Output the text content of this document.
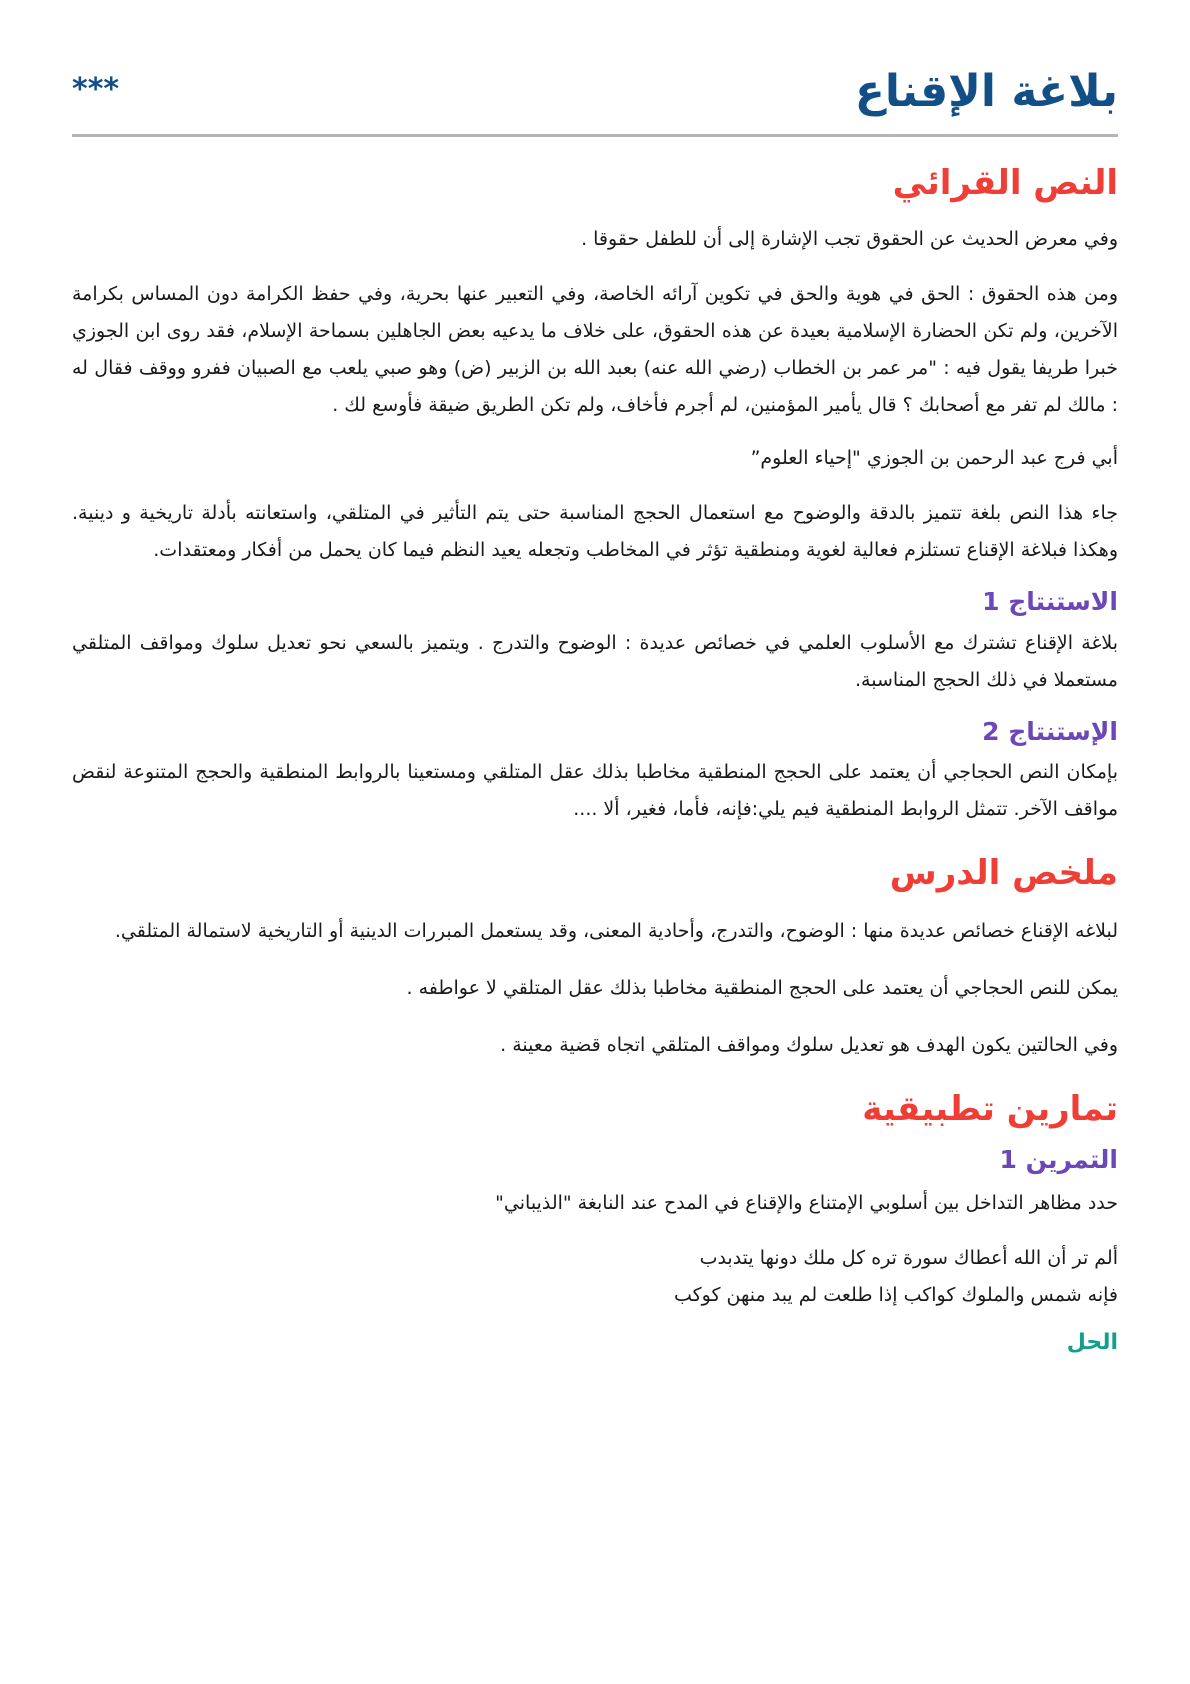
بلاغة الإقناع
***
النص القرائي

وفي معرض الحديث عن الحقوق تجب الإشارة إلى أن للطفل حقوقا .

ومن هذه الحقوق : الحق في هوية والحق في تكوين آرائه الخاصة، وفي التعبير عنها بحرية، وفي حفظ الكرامة دون المساس بكرامة الآخرين، ولم تكن الحضارة الإسلامية بعيدة عن هذه الحقوق، على خلاف ما يدعيه بعض الجاهلين بسماحة الإسلام، فقد روى ابن الجوزي خبرا طريفا يقول فيه : "مر عمر بن الخطاب (رضي الله عنه) بعبد الله بن الزبير (ض) وهو صبي يلعب مع الصبيان ففرو ووقف فقال له : مالك لم تفر مع أصحابك ؟ قال يأمير المؤمنين، لم أجرم فأخاف، ولم تكن الطريق ضيقة فأوسع لك .

أبي فرج عبد الرحمن بن الجوزي "إحياء العلوم”

جاء هذا النص بلغة تتميز بالدقة والوضوح مع استعمال الحجج المناسبة حتى يتم التأثير في المتلقي، واستعانته بأدلة تاريخية و دينية. وهكذا فبلاغة الإقناع تستلزم فعالية لغوية ومنطقية تؤثر في المخاطب وتجعله يعيد النظم فيما كان يحمل من أفكار ومعتقدات.

الاستنتاج 1

بلاغة الإقناع تشترك مع الأسلوب العلمي في خصائص عديدة : الوضوح والتدرج . ويتميز بالسعي نحو تعديل سلوك ومواقف المتلقي مستعملا في ذلك الحجج المناسبة.

الإستنتاج 2

بإمكان النص الحجاجي أن يعتمد على الحجج المنطقية مخاطبا بذلك عقل المتلقي ومستعينا بالروابط المنطقية والحجج المتنوعة لنقض مواقف الآخر. تتمثل الروابط المنطقية فيم يلي:فإنه، فأما، فغير، ألا ....

ملخص الدرس

لبلاغه الإقناع خصائص عديدة منها : الوضوح، والتدرج، وأحادية المعنى، وقد يستعمل المبررات الدينية أو التاريخية لاستمالة المتلقي.

يمكن للنص الحجاجي أن يعتمد على الحجج المنطقية مخاطبا بذلك عقل المتلقي لا عواطفه .

وفي الحالتين يكون الهدف هو تعديل سلوك ومواقف المتلقي اتجاه قضية معينة .

تمارين تطبيقية
التمرين 1

حدد مظاهر التداخل بين أسلوبي الإمتناع والإقناع في المدح عند النابغة "الذيباني"

ألم تر أن الله أعطاك سورة تره كل ملك دونها يتدبدب

فإنه شمس والملوك كواكب إذا طلعت لم يبد منهن كوكب

الحل
